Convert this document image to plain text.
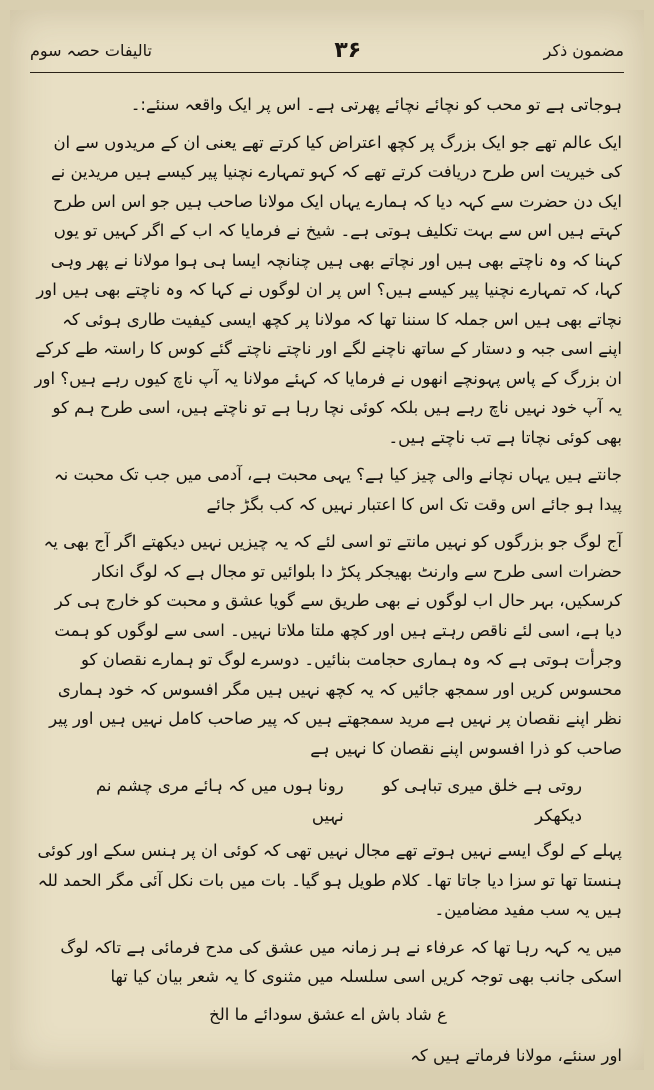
مضمون ذکر
۳۶
تالیفات حصہ سوم

ہوجاتی ہے تو محب کو نچائے نچائے پھرتی ہے۔ اس پر ایک واقعہ سنئے:۔

ایک عالم تھے جو ایک بزرگ پر کچھ اعتراض کیا کرتے تھے یعنی ان کے مریدوں سے ان کی خیریت اس طرح دریافت کرتے تھے کہ کہو تمہارے نچنیا پیر کیسے ہیں مریدین نے ایک دن حضرت سے کہہ دیا کہ ہمارے یہاں ایک مولانا صاحب ہیں جو اس اس طرح کہتے ہیں اس سے بہت تکلیف ہوتی ہے۔ شیخ نے فرمایا کہ اب کے اگر کہیں تو یوں کہنا کہ وہ ناچتے بھی ہیں اور نچاتے بھی ہیں چنانچہ ایسا ہی ہوا مولانا نے پھر وہی کہا، کہ تمہارے نچنیا پیر کیسے ہیں؟ اس پر ان لوگوں نے کہا کہ وہ ناچتے بھی ہیں اور نچاتے بھی ہیں اس جملہ کا سننا تھا کہ مولانا پر کچھ ایسی کیفیت طاری ہوئی کہ اپنے اسی جبہ و دستار کے ساتھ ناچنے لگے اور ناچتے ناچتے گئے کوس کا راستہ طے کرکے ان بزرگ کے پاس پہونچے انھوں نے فرمایا کہ کہئے مولانا یہ آپ ناچ کیوں رہے ہیں؟ اور یہ آپ خود نہیں ناچ رہے ہیں بلکہ کوئی نچا رہا ہے تو ناچتے ہیں، اسی طرح ہم کو بھی کوئی نچاتا ہے تب ناچتے ہیں۔

جانتے ہیں یہاں نچانے والی چیز کیا ہے؟ یہی محبت ہے، آدمی میں جب تک محبت نہ پیدا ہو جائے اس وقت تک اس کا اعتبار نہیں کہ کب بگڑ جائے

آج لوگ جو بزرگوں کو نہیں مانتے تو اسی لئے کہ یہ چیزیں نہیں دیکھتے اگر آج بھی یہ حضرات اسی طرح سے وارنٹ بھیجکر پکڑ دا بلوائیں تو مجال ہے کہ لوگ انکار کرسکیں، بہر حال اب لوگوں نے بھی طریق سے گویا عشق و محبت کو خارج ہی کر دیا ہے، اسی لئے ناقص رہتے ہیں اور کچھ ملتا ملاتا نہیں۔ اسی سے لوگوں کو ہمت وجرأت ہوتی ہے کہ وہ ہماری حجامت بنائیں۔ دوسرے لوگ تو ہمارے نقصان کو محسوس کریں اور سمجھ جائیں کہ یہ کچھ نہیں ہیں مگر افسوس کہ خود ہماری نظر اپنے نقصان پر نہیں ہے مرید سمجھتے ہیں کہ پیر صاحب کامل نہیں ہیں اور پیر صاحب کو ذرا افسوس اپنے نقصان کا نہیں ہے

روتی ہے خلق میری تباہی کو دیکھکر
رونا ہوں میں کہ ہائے مری چشم نم نہیں

پہلے کے لوگ ایسے نہیں ہوتے تھے مجال نہیں تھی کہ کوئی ان پر ہنس سکے اور کوئی ہنستا تھا تو سزا دیا جاتا تھا۔ کلام طویل ہو گیا۔ بات میں بات نکل آئی مگر الحمد للہ ہیں یہ سب مفید مضامین۔

میں یہ کہہ رہا تھا کہ عرفاء نے ہر زمانہ میں عشق کی مدح فرمائی ہے تاکہ لوگ اسکی جانب بھی توجہ کریں اسی سلسلہ میں مثنوی کا یہ شعر بیان کیا تھا

ع شاد باش اے عشق سودائے ما الخ

اور سنئے، مولانا فرماتے ہیں کہ
